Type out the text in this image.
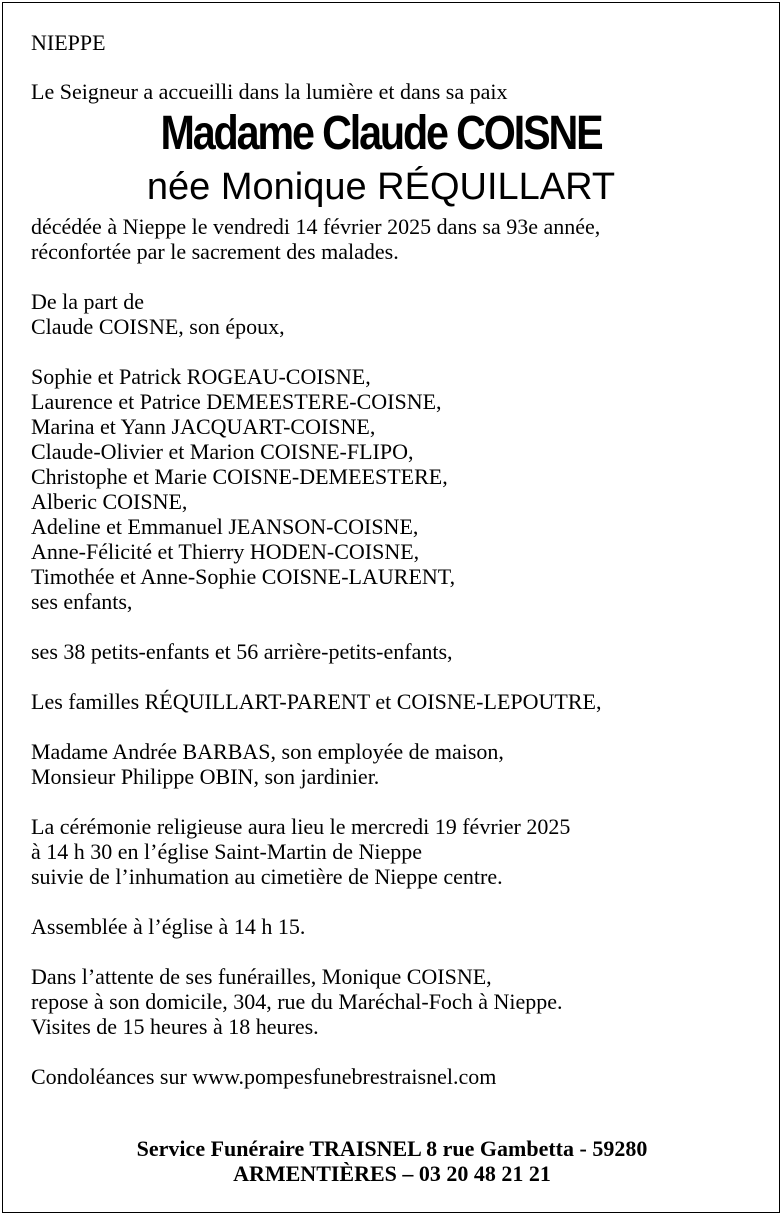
NIEPPE
Le Seigneur a accueilli dans la lumière et dans sa paix
Madame Claude COISNE
née Monique RÉQUILLART
décédée à Nieppe le vendredi 14 février 2025 dans sa 93e année,
réconfortée par le sacrement des malades.
De la part de
Claude COISNE, son époux,
Sophie et Patrick ROGEAU-COISNE,
Laurence et Patrice DEMEESTERE-COISNE,
Marina et Yann JACQUART-COISNE,
Claude-Olivier et Marion COISNE-FLIPO,
Christophe et Marie COISNE-DEMEESTERE,
Alberic COISNE,
Adeline et Emmanuel JEANSON-COISNE,
Anne-Félicité et Thierry HODEN-COISNE,
Timothée et Anne-Sophie COISNE-LAURENT,
ses enfants,
ses 38 petits-enfants et 56 arrière-petits-enfants,
Les familles RÉQUILLART-PARENT et COISNE-LEPOUTRE,
Madame Andrée BARBAS, son employée de maison,
Monsieur Philippe OBIN, son jardinier.
La cérémonie religieuse aura lieu le mercredi 19 février 2025
à 14 h 30 en l’église Saint-Martin de Nieppe
suivie de l’inhumation au cimetière de Nieppe centre.
Assemblée à l’église à 14 h 15.
Dans l’attente de ses funérailles, Monique COISNE,
repose à son domicile, 304, rue du Maréchal-Foch à Nieppe.
Visites de 15 heures à 18 heures.
Condoléances sur www.pompesfunebrestraisnel.com
Service Funéraire TRAISNEL 8 rue Gambetta - 59280
ARMENTIÈRES – 03 20 48 21 21
